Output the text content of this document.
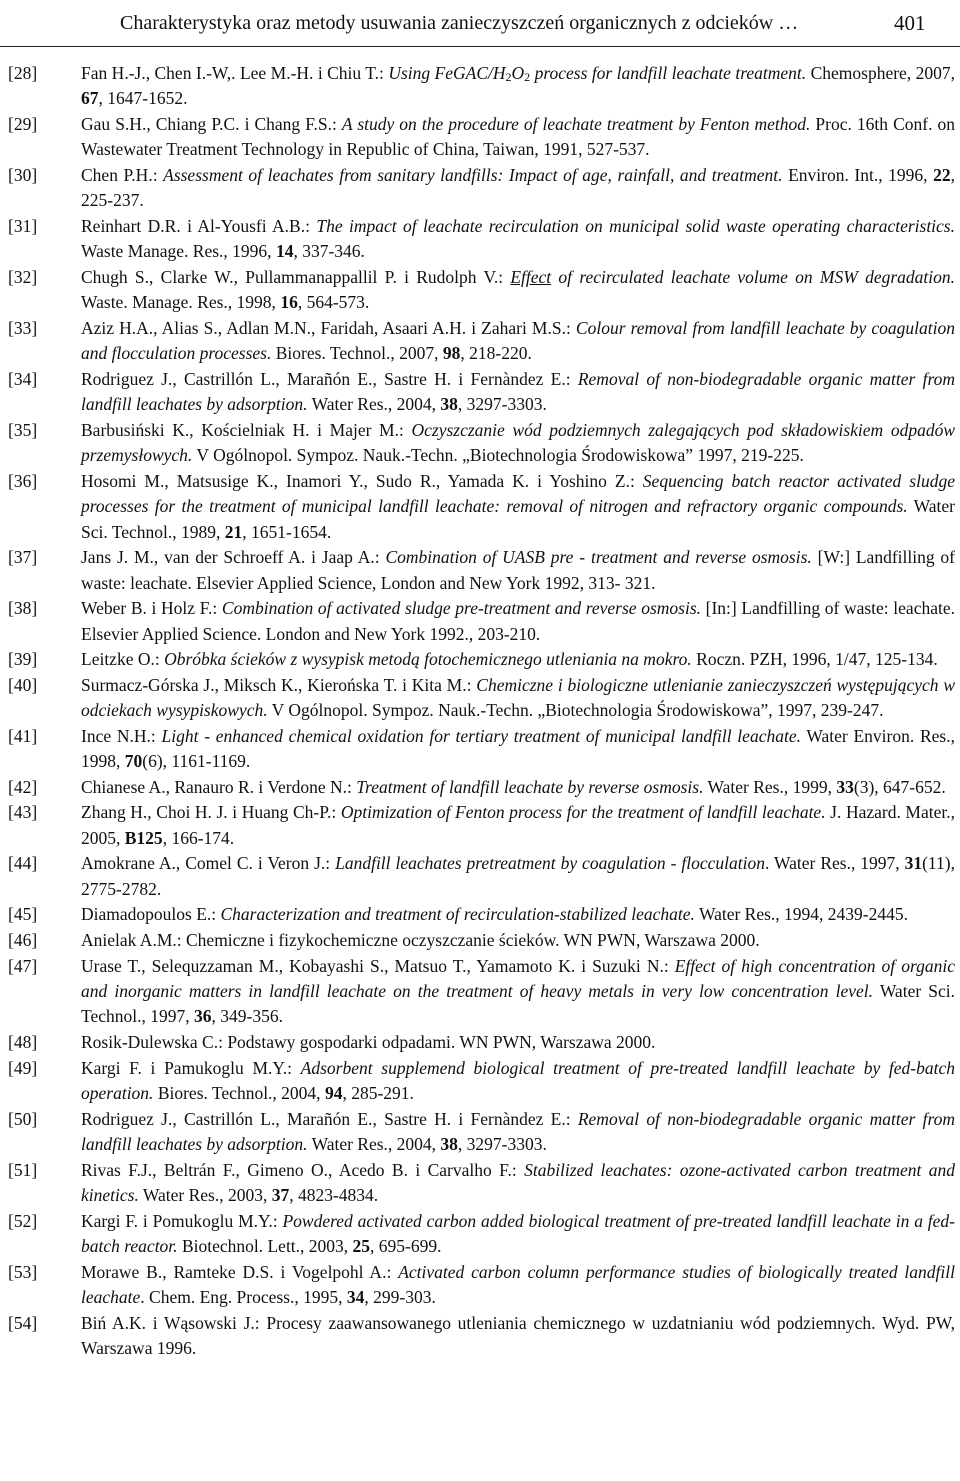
Charakterystyka oraz metody usuwania zanieczyszczeń organicznych z odcieków …	401
[28]	Fan H.-J., Chen I.-W,. Lee M.-H. i Chiu T.: Using FeGAC/$H_2O_2$ process for landfill leachate treatment. Chemosphere, 2007, 67, 1647-1652.
[29]	Gau S.H., Chiang P.C. i Chang F.S.: A study on the procedure of leachate treatment by Fenton method. Proc. 16th Conf. on Wastewater Treatment Technology in Republic of China, Taiwan, 1991, 527-537.
[30]	Chen P.H.: Assessment of leachates from sanitary landfills: Impact of age, rainfall, and treatment. Environ. Int., 1996, 22, 225-237.
[31]	Reinhart D.R. i Al-Yousfi A.B.: The impact of leachate recirculation on municipal solid waste operating characteristics. Waste Manage. Res., 1996, 14, 337-346.
[32]	Chugh S., Clarke W., Pullammanappallil P. i Rudolph V.: Effect of recirculated leachate volume on MSW degradation. Waste. Manage. Res., 1998, 16, 564-573.
[33]	Aziz H.A., Alias S., Adlan M.N., Faridah, Asaari A.H. i Zahari M.S.: Colour removal from landfill leachate by coagulation and flocculation processes. Biores. Technol., 2007, 98, 218-220.
[34]	Rodriguez J., Castrillón L., Marañón E., Sastre H. i Fernàndez E.: Removal of non-biodegradable organic matter from landfill leachates by adsorption. Water Res., 2004, 38, 3297-3303.
[35]	Barbusiński K., Kościelniak H. i Majer M.: Oczyszczanie wód podziemnych zalegających pod składowiskiem odpadów przemysłowych. V Ogólnopol. Sympoz. Nauk.-Techn. „Biotechnologia Środowiskowa” 1997, 219-225.
[36]	Hosomi M., Matsusige K., Inamori Y., Sudo R., Yamada K. i Yoshino Z.: Sequencing batch reactor activated sludge processes for the treatment of municipal landfill leachate: removal of nitrogen and refractory organic compounds. Water Sci. Technol., 1989, 21, 1651-1654.
[37]	Jans J. M., van der Schroeff A. i Jaap A.: Combination of UASB pre - treatment and reverse osmosis. [W:] Landfilling of waste: leachate. Elsevier Applied Science, London and New York 1992, 313- 321.
[38]	Weber B. i Holz F.: Combination of activated sludge pre-treatment and reverse osmosis. [In:] Landfilling of waste: leachate. Elsevier Applied Science. London and New York 1992., 203-210.
[39]	Leitzke O.: Obróbka ścieków z wysypisk metodą fotochemicznego utleniania na mokro. Roczn. PZH, 1996, 1/47, 125-134.
[40]	Surmacz-Górska J., Miksch K., Kierońska T. i Kita M.: Chemiczne i biologiczne utlenianie zanieczyszczeń występujących w odciekach wysypiskowych. V Ogólnopol. Sympoz. Nauk.-Techn. „Biotechnologia Środowiskowa”, 1997, 239-247.
[41]	Ince N.H.: Light - enhanced chemical oxidation for tertiary treatment of municipal landfill leachate. Water Environ. Res., 1998, 70(6), 1161-1169.
[42]	Chianese A., Ranauro R. i Verdone N.: Treatment of landfill leachate by reverse osmosis. Water Res., 1999, 33(3), 647-652.
[43]	Zhang H., Choi H. J. i Huang Ch-P.: Optimization of Fenton process for the treatment of landfill leachate. J. Hazard. Mater., 2005, B125, 166-174.
[44]	Amokrane A., Comel C. i Veron J.: Landfill leachates pretreatment by coagulation - flocculation. Water Res., 1997, 31(11), 2775-2782.
[45]	Diamadopoulos E.: Characterization and treatment of recirculation-stabilized leachate. Water Res., 1994, 2439-2445.
[46]	Anielak A.M.: Chemiczne i fizykochemiczne oczyszczanie ścieków. WN PWN, Warszawa 2000.
[47]	Urase T., Selequzzaman M., Kobayashi S., Matsuo T., Yamamoto K. i Suzuki N.: Effect of high concentration of organic and inorganic matters in landfill leachate on the treatment of heavy metals in very low concentration level. Water Sci. Technol., 1997, 36, 349-356.
[48]	Rosik-Dulewska C.: Podstawy gospodarki odpadami. WN PWN, Warszawa 2000.
[49]	Kargi F. i Pamukoglu M.Y.: Adsorbent supplemend biological treatment of pre-treated landfill leachate by fed-batch operation. Biores. Technol., 2004, 94, 285-291.
[50]	Rodriguez J., Castrillón L., Marañón E., Sastre H. i Fernàndez E.: Removal of non-biodegradable organic matter from landfill leachates by adsorption. Water Res., 2004, 38, 3297-3303.
[51]	Rivas F.J., Beltrán F., Gimeno O., Acedo B. i Carvalho F.: Stabilized leachates: ozone-activated carbon treatment and kinetics. Water Res., 2003, 37, 4823-4834.
[52]	Kargi F. i Pomukoglu M.Y.: Powdered activated carbon added biological treatment of pre-treated landfill leachate in a fed-batch reactor. Biotechnol. Lett., 2003, 25, 695-699.
[53]	Morawe B., Ramteke D.S. i Vogelpohl A.: Activated carbon column performance studies of biologically treated landfill leachate. Chem. Eng. Process., 1995, 34, 299-303.
[54]	Biń A.K. i Wąsowski J.: Procesy zaawansowanego utleniania chemicznego w uzdatnianiu wód podziemnych. Wyd. PW, Warszawa 1996.
